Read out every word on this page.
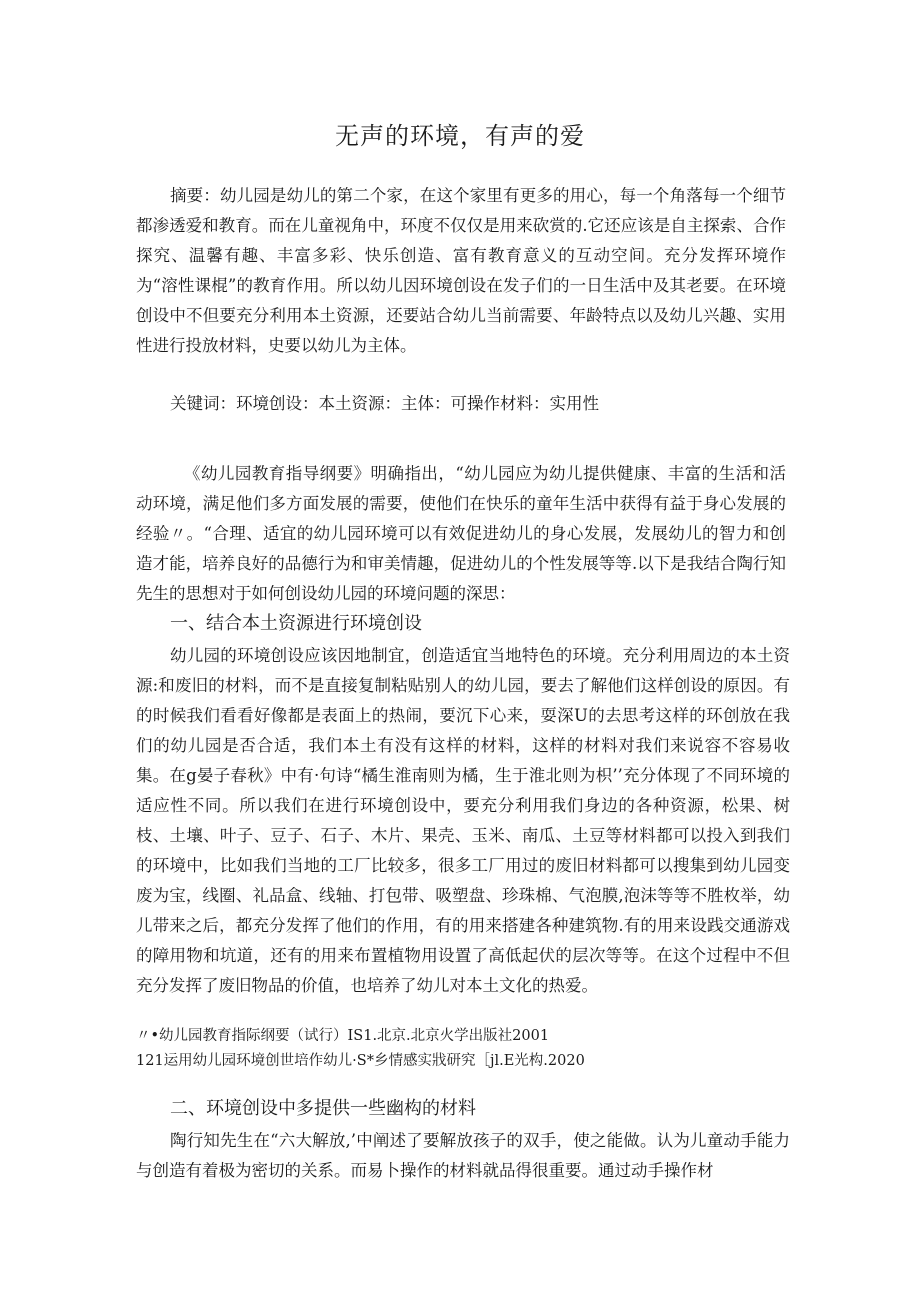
无声的环境，有声的爱

摘要：幼儿园是幼儿的第二个家，在这个家里有更多的用心，每一个角落每一个细节都渗透爱和教育。而在儿童视角中，环度不仅仅是用来砍赏的.它还应该是自主探索、合作探究、温馨有趣、丰富多彩、快乐创造、富有教育意义的互动空间。充分发挥环境作为“溶性课棍”的教育作用。所以幼儿因环境创设在发子们的一日生活中及其老要。在环境创设中不但要充分利用本土资源，还要站合幼儿当前需要、年龄特点以及幼儿兴趣、实用性进行投放材料，史要以幼儿为主体。

关键词：环境创设：本土资源：主体：可操作材料：实用性

《幼儿园教育指导纲要》明确指出，“幼儿园应为幼儿提供健康、丰富的生活和活动环境，满足他们多方面发展的需要，使他们在快乐的童年生活中获得有益于身心发展的经验〃。“合理、适宜的幼儿园环境可以有效促进幼儿的身心发展，发展幼儿的智力和创造才能，培养良好的品德行为和审美情趣，促进幼儿的个性发展等等.以下是我结合陶行知先生的思想对于如何创设幼儿园的环境问题的深思：

一、结合本土资源进行环境创设

幼儿园的环境创设应该因地制宜，创造适宜当地特色的环境。充分利用周边的本土资源:和废旧的材料，而不是直接复制粘贴别人的幼儿园，要去了解他们这样创设的原因。有的时候我们看看好像都是表面上的热闹，要沉下心来，耍深U的去思考这样的环创放在我们的幼儿园是否合适，我们本土有没有这样的材料，这样的材料对我们来说容不容易收集。在g晏子春秋》中有·句诗“橘生淮南则为橘，生于淮北则为枳’’充分体现了不同环境的适应性不同。所以我们在进行环境创设中，要充分利用我们身边的各种资源，松果、树枝、土壤、叶子、豆子、石子、木片、果壳、玉米、南瓜、土豆等材料都可以投入到我们的环境中，比如我们当地的工厂比较多，很多工厂用过的废旧材料都可以搜集到幼儿园变废为宝，线圈、礼品盒、线轴、打包带、吸塑盘、珍珠棉、气泡膜,泡沫等等不胜枚举，幼儿带来之后，都充分发挥了他们的作用，有的用来搭建各种建筑物.有的用来设践交通游戏的障用物和坑道，还有的用来布置植物用设置了高低起伏的层次等等。在这个过程中不但充分发挥了废旧物品的价值，也培养了幼儿对本土文化的热爱。

〃•幼儿园教育指际纲要（试行）IS1.北京.北京火学出版社2001
121运用幼儿园环境创世培作幼儿·S*乡情感实戕研究［jl.E光构.2020
二、环境创设中多提供一些幽构的材料

陶行知先生在“六大解放,’中阐述了要解放孩子的双手，使之能做。认为儿童动手能力与创造有着极为密切的关系。而易卜操作的材料就品得很重要。通过动手操作材
